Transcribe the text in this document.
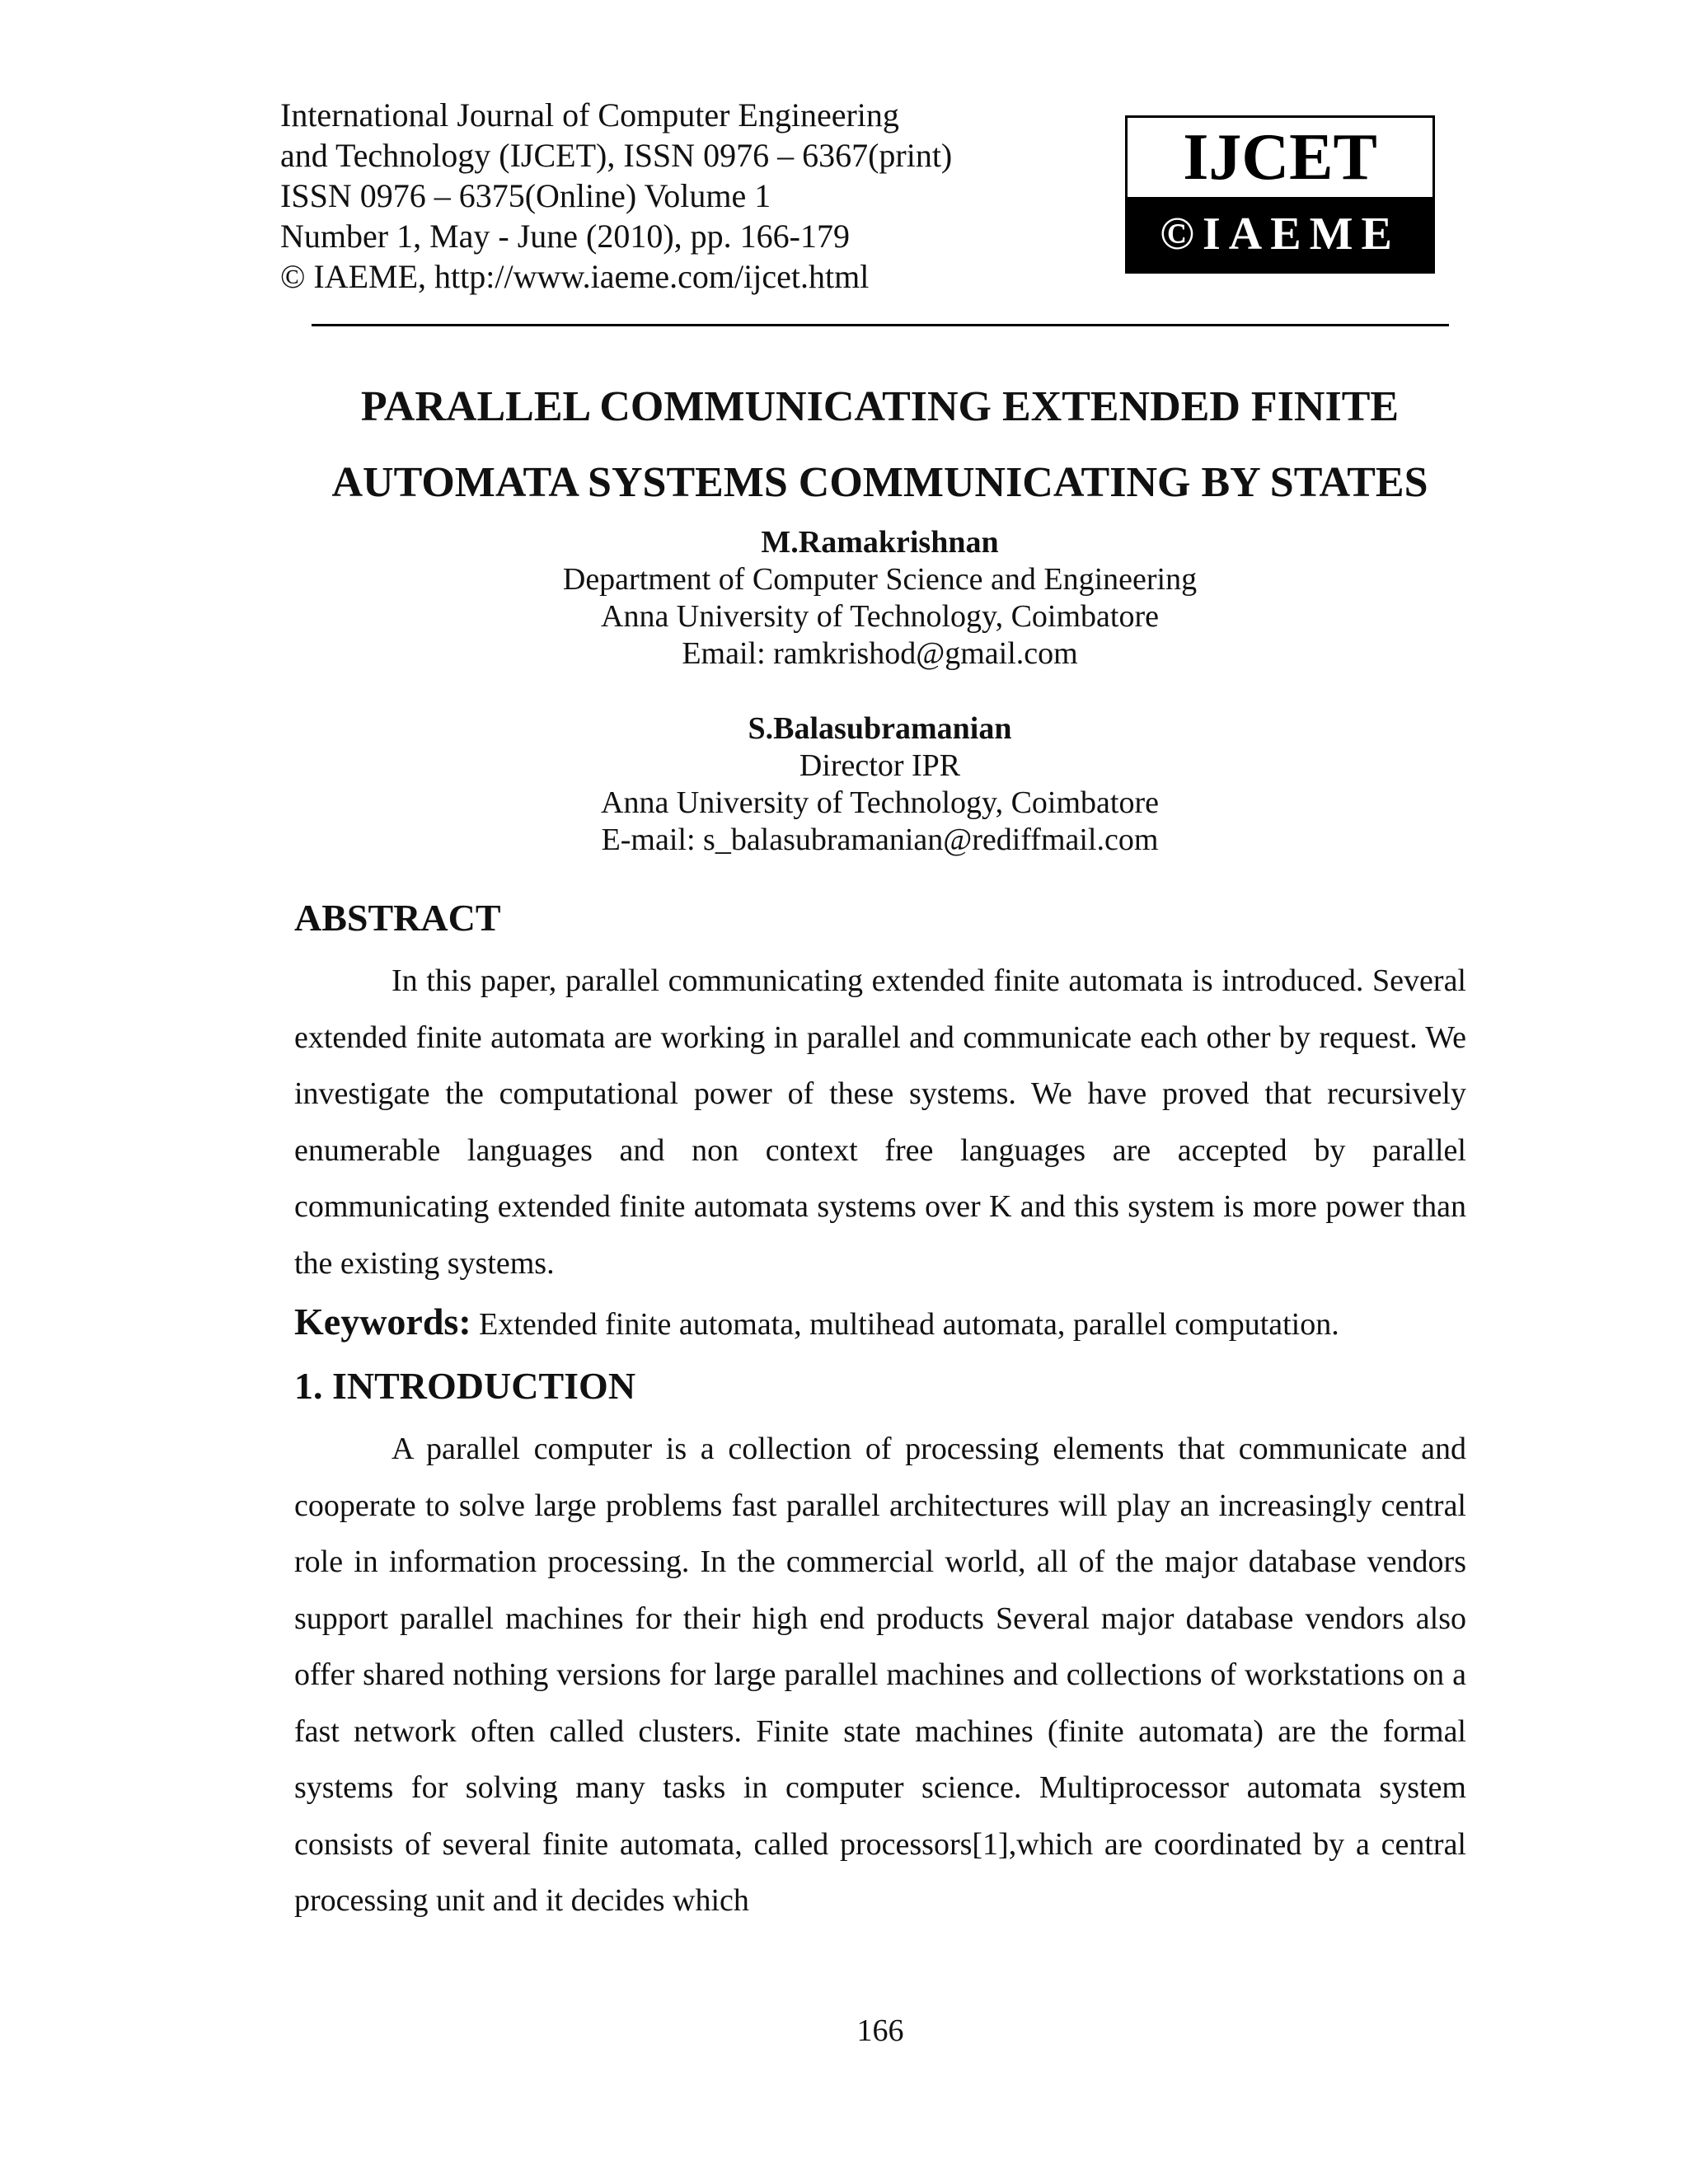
International Journal of Computer Engineering
and Technology (IJCET), ISSN 0976 – 6367(print)
ISSN 0976 – 6375(Online) Volume 1
Number 1, May - June (2010), pp. 166-179
© IAEME, http://www.iaeme.com/ijcet.html
IJCET
©IAEME
PARALLEL COMMUNICATING EXTENDED FINITE
AUTOMATA SYSTEMS COMMUNICATING BY STATES
M.Ramakrishnan
Department of Computer Science and Engineering
Anna University of Technology, Coimbatore
Email: ramkrishod@gmail.com
S.Balasubramanian
Director IPR
Anna University of Technology, Coimbatore
E-mail: s_balasubramanian@rediffmail.com
ABSTRACT

In this paper, parallel communicating extended finite automata is introduced. Several extended finite automata are working in parallel and communicate each other by request. We investigate the computational power of these systems. We have proved that recursively enumerable languages and non context free languages are accepted by parallel communicating extended finite automata systems over K and this system is more power than the existing systems.

Keywords: Extended finite automata, multihead automata, parallel computation.
1. INTRODUCTION

A parallel computer is a collection of processing elements that communicate and cooperate to solve large problems fast parallel architectures will play an increasingly central role in information processing. In the commercial world, all of the major database vendors support parallel machines for their high end products Several major database vendors also offer shared nothing versions for large parallel machines and collections of workstations on a fast network often called clusters. Finite state machines (finite automata) are the formal systems for solving many tasks in computer science. Multiprocessor automata system consists of several finite automata, called processors[1],which are coordinated by a central processing unit and it decides which

166
